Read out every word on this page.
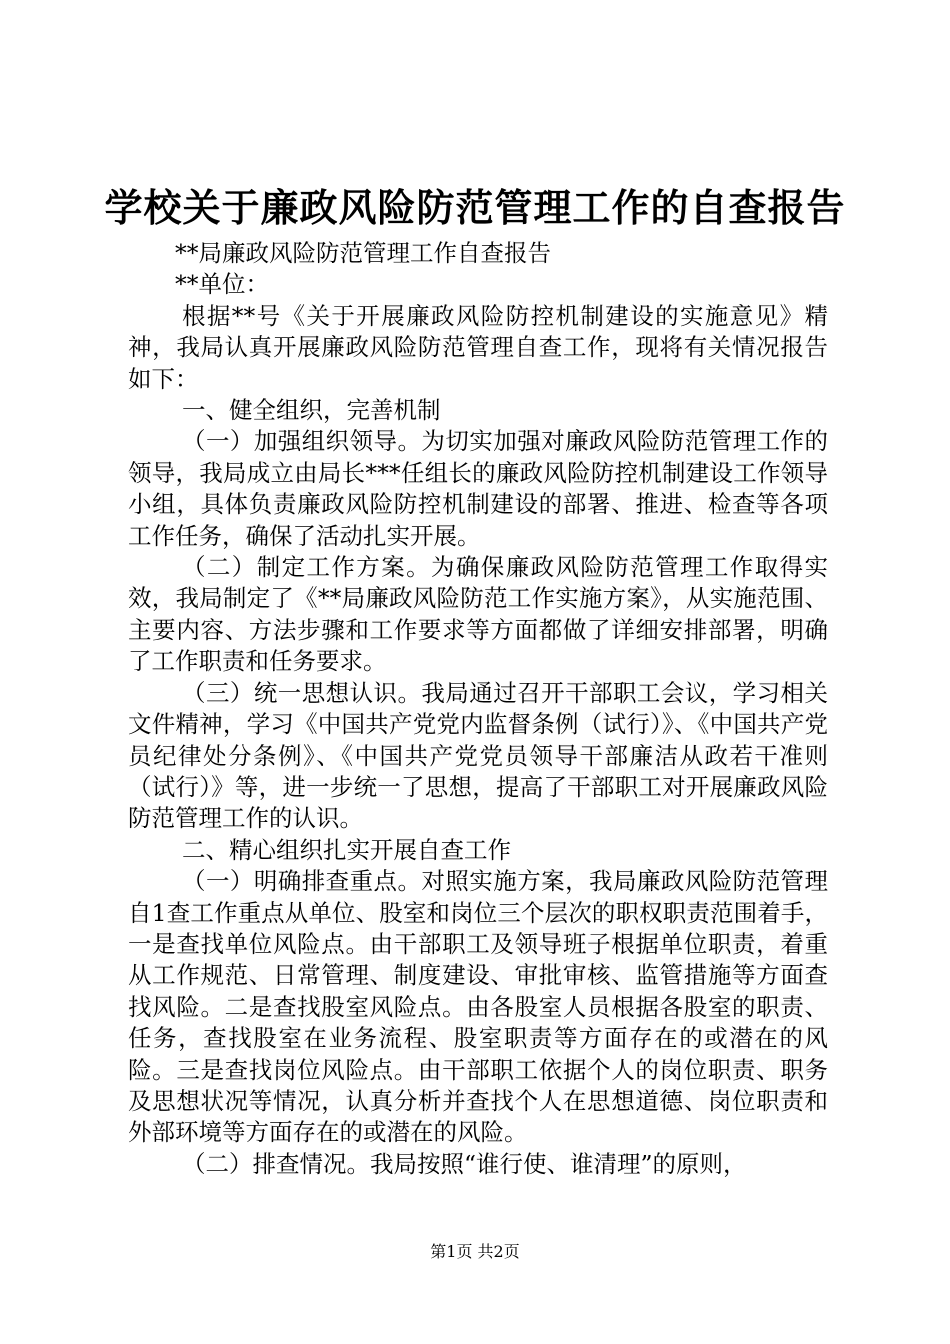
学校关于廉政风险防范管理工作的自查报告

**局廉政风险防范管理工作自查报告

**单位：

根据**号《关于开展廉政风险防控机制建设的实施意见》精神，我局认真开展廉政风险防范管理自查工作，现将有关情况报告如下：

一、健全组织，完善机制

（一）加强组织领导。为切实加强对廉政风险防范管理工作的领导，我局成立由局长***任组长的廉政风险防控机制建设工作领导小组，具体负责廉政风险防控机制建设的部署、推进、检查等各项工作任务，确保了活动扎实开展。

（二）制定工作方案。为确保廉政风险防范管理工作取得实效，我局制定了《**局廉政风险防范工作实施方案》，从实施范围、主要内容、方法步骤和工作要求等方面都做了详细安排部署，明确了工作职责和任务要求。

（三）统一思想认识。我局通过召开干部职工会议，学习相关文件精神，学习《中国共产党党内监督条例（试行）》、《中国共产党员纪律处分条例》、《中国共产党党员领导干部廉洁从政若干准则（试行）》等，进一步统一了思想，提高了干部职工对开展廉政风险防范管理工作的认识。

二、精心组织扎实开展自查工作

（一）明确排查重点。对照实施方案，我局廉政风险防范管理自1查工作重点从单位、股室和岗位三个层次的职权职责范围着手，一是查找单位风险点。由干部职工及领导班子根据单位职责，着重从工作规范、日常管理、制度建设、审批审核、监管措施等方面查找风险。二是查找股室风险点。由各股室人员根据各股室的职责、任务，查找股室在业务流程、股室职责等方面存在的或潜在的风险。三是查找岗位风险点。由干部职工依据个人的岗位职责、职务及思想状况等情况，认真分析并查找个人在思想道德、岗位职责和外部环境等方面存在的或潜在的风险。

（二）排查情况。我局按照“谁行使、谁清理”的原则，

第1页 共2页
